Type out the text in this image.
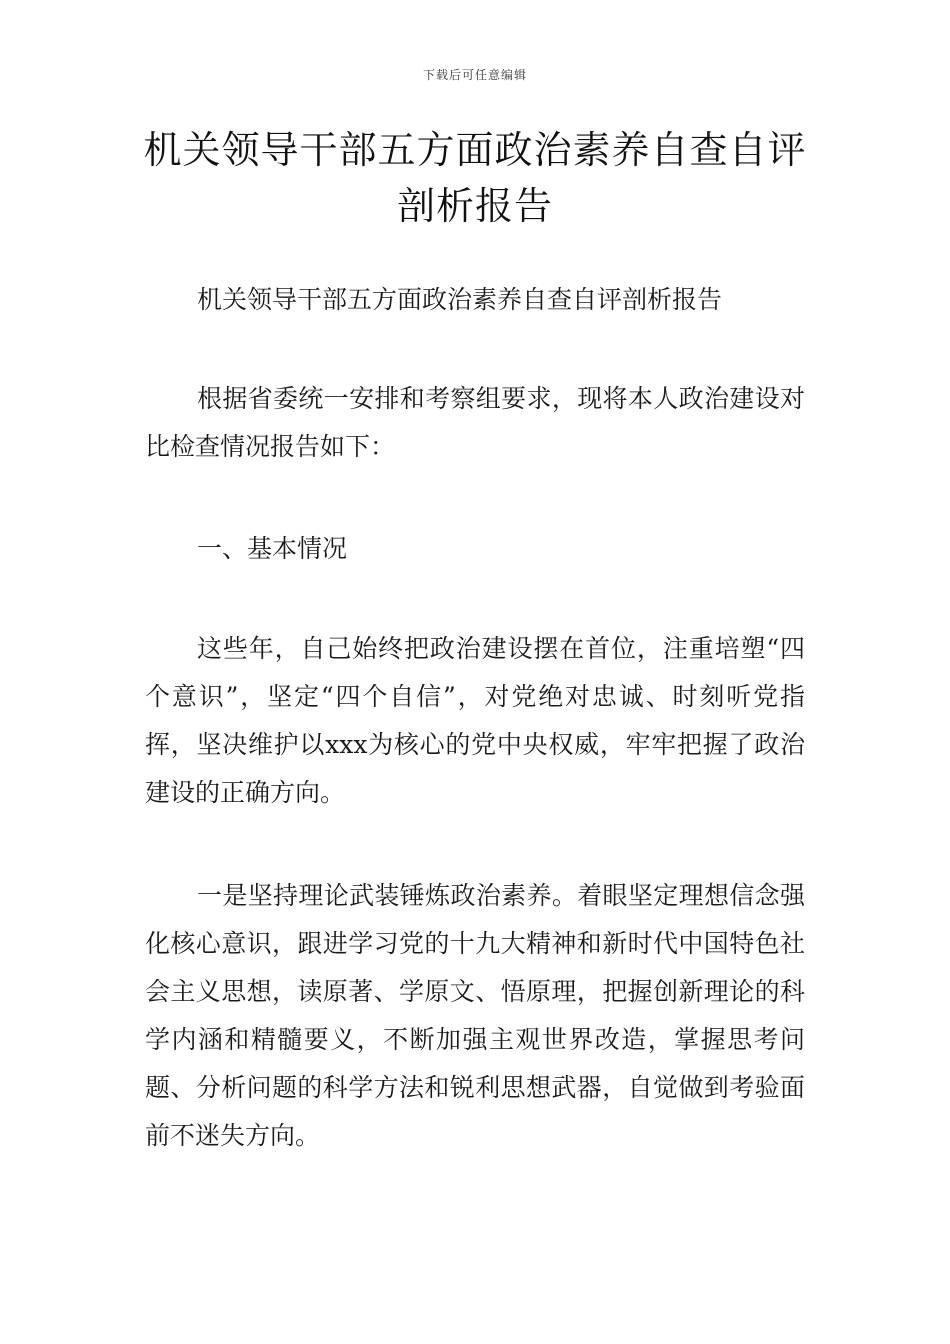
下载后可任意编辑
机关领导干部五方面政治素养自查自评剖析报告

机关领导干部五方面政治素养自查自评剖析报告

根据省委统一安排和考察组要求，现将本人政治建设对比检查情况报告如下：

一、基本情况

这些年，自己始终把政治建设摆在首位，注重培塑“四个意识”，坚定“四个自信”，对党绝对忠诚、时刻听党指挥，坚决维护以xxx为核心的党中央权威，牢牢把握了政治建设的正确方向。

一是坚持理论武装锤炼政治素养。着眼坚定理想信念强化核心意识，跟进学习党的十九大精神和新时代中国特色社会主义思想，读原著、学原文、悟原理，把握创新理论的科学内涵和精髓要义，不断加强主观世界改造，掌握思考问题、分析问题的科学方法和锐利思想武器，自觉做到考验面前不迷失方向。
